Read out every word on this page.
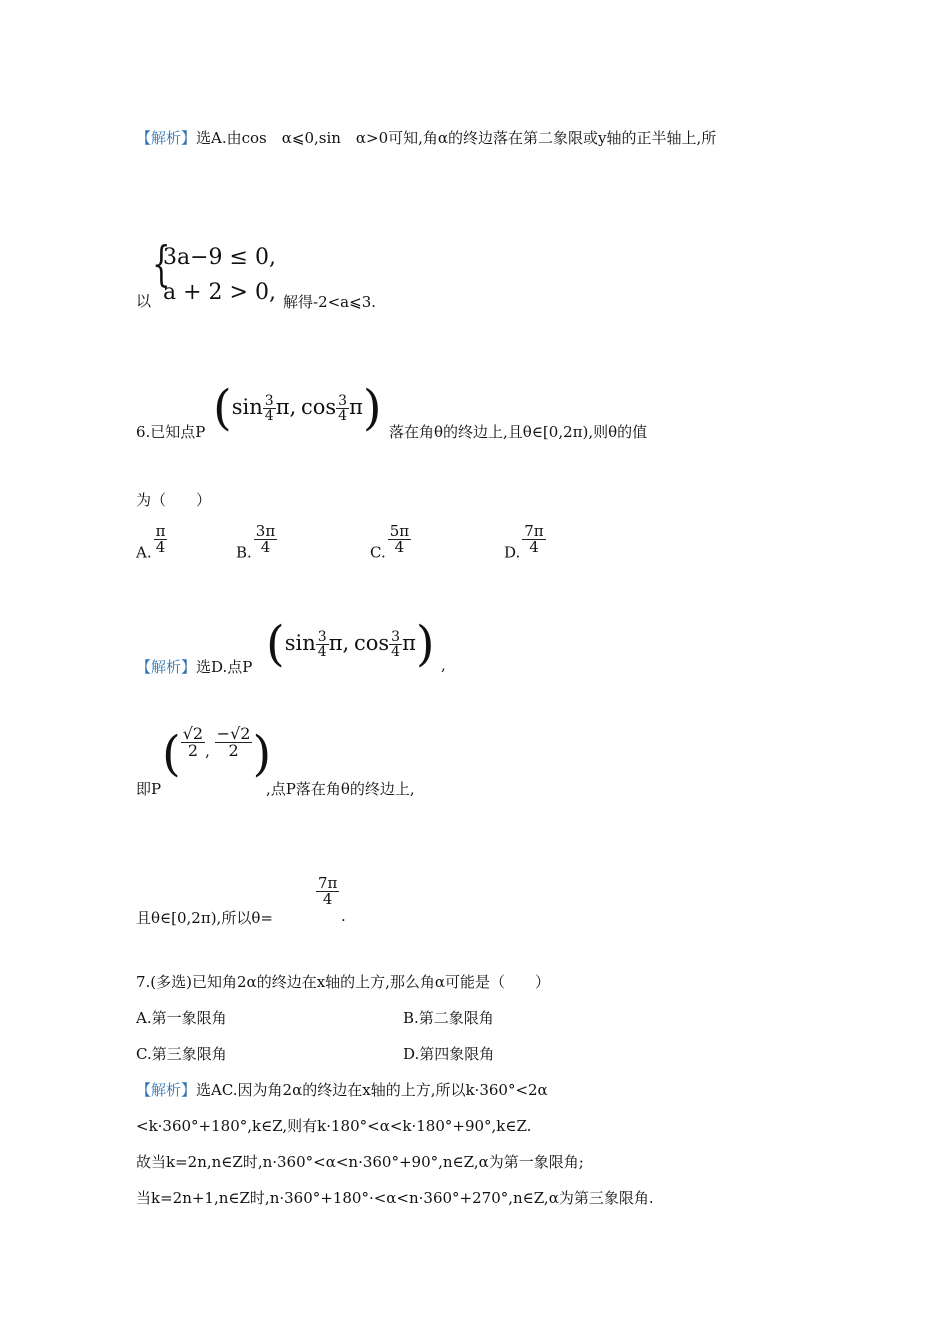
【解析】选A.由cos　α⩽0,sin　α>0可知,角α的终边落在第二象限或y轴的正半轴上,所
以
{
3a−9 ≤ 0,
a + 2 > 0, 解得-2<a⩽3.
6.已知点P ($\sin \frac{3}{4} \pi$, $\cos \frac{3}{4} \pi$) 落在角θ的终边上,且θ∈[0,2π),则θ的值
为（　　）
A. $\frac{\pi}{4}$	B. $\frac{3\pi}{4}$	C. $\frac{5\pi}{4}$	D. $\frac{7\pi}{4}$
【解析】选D.点P ($\sin \frac{3}{4} \pi$, $\cos \frac{3}{4} \pi$) ,
即P
( $\frac{√2}{2}$ , $\frac{-√2}{2}$ )
,点P落在角θ的终边上,
且θ∈[0,2π),所以θ=
$\frac{7\pi}{4}$
.
7.(多选)已知角2α的终边在x轴的上方,那么角α可能是（　　）
A.第一象限角	B.第二象限角
C.第三象限角	D.第四象限角
【解析】选AC.因为角2α的终边在x轴的上方,所以k·360°<2α
<k·360°+180°,k∈Z,则有k·180°<α<k·180°+90°,k∈Z.
故当k=2n,n∈Z时,n·360°<α<n·360°+90°,n∈Z,α为第一象限角;
当k=2n+1,n∈Z时,n·360°+180°·<α<n·360°+270°,n∈Z,α为第三象限角.
